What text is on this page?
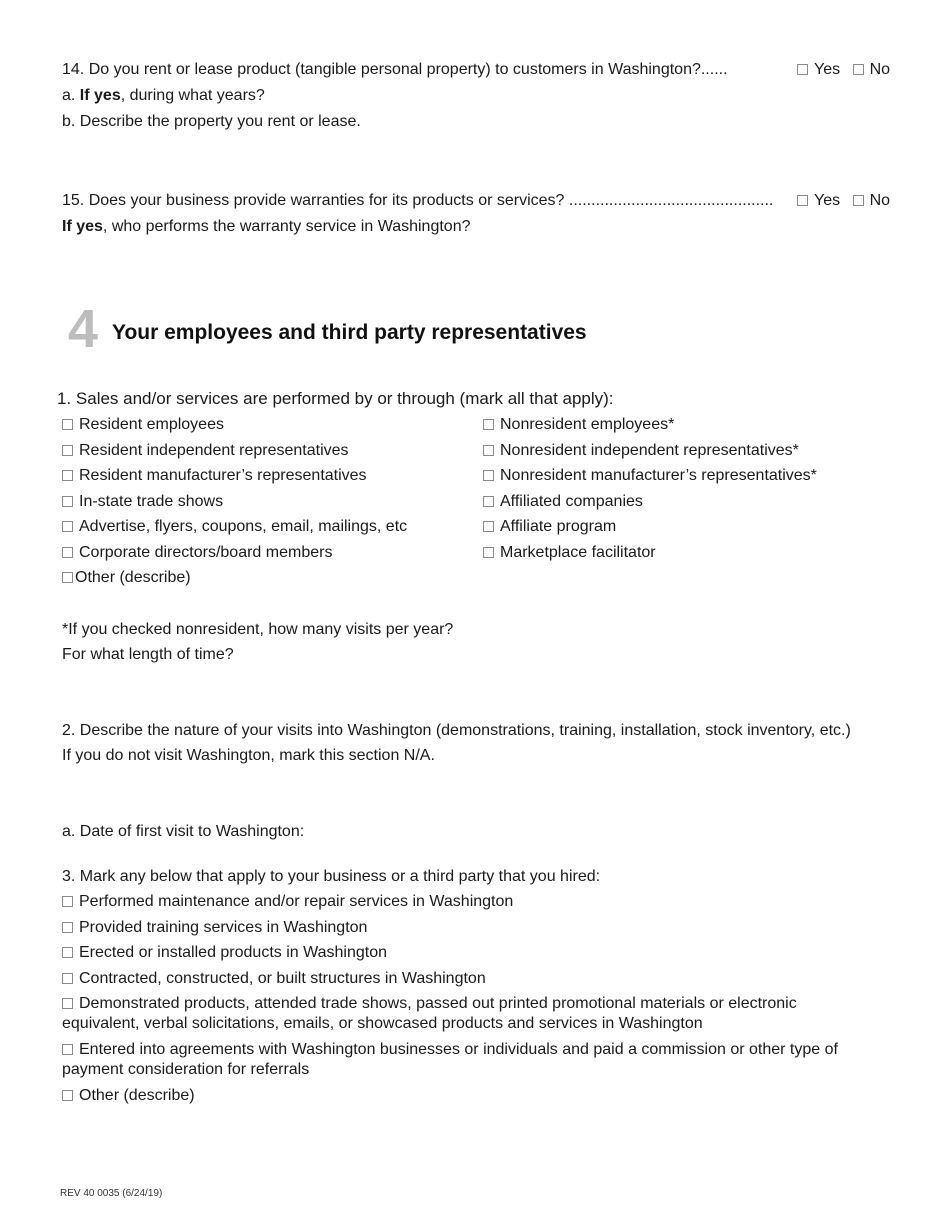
14. Do you rent or lease product (tangible personal property) to customers in Washington?......	Yes No
a. If yes, during what years?
b. Describe the property you rent or lease.
15. Does your business provide warranties for its products or services? ..............................................	Yes No
If yes, who performs the warranty service in Washington?
4 Your employees and third party representatives
1. Sales and/or services are performed by or through (mark all that apply):
Resident employees
Resident independent representatives
Resident manufacturer’s representatives
In-state trade shows
Advertise, flyers, coupons, email, mailings, etc
Corporate directors/board members
Other (describe)
Nonresident employees*
Nonresident independent representatives*
Nonresident manufacturer’s representatives*
Affiliated companies
Affiliate program
Marketplace facilitator
*If you checked nonresident, how many visits per year?
For what length of time?
2. Describe the nature of your visits into Washington (demonstrations, training, installation, stock inventory, etc.)
If you do not visit Washington, mark this section N/A.
a. Date of first visit to Washington:
3. Mark any below that apply to your business or a third party that you hired:
Performed maintenance and/or repair services in Washington
Provided training services in Washington
Erected or installed products in Washington
Contracted, constructed, or built structures in Washington
Demonstrated products, attended trade shows, passed out printed promotional materials or electronic equivalent, verbal solicitations, emails, or showcased products and services in Washington
Entered into agreements with Washington businesses or individuals and paid a commission or other type of payment consideration for referrals
Other (describe)
REV 40 0035 (6/24/19)
